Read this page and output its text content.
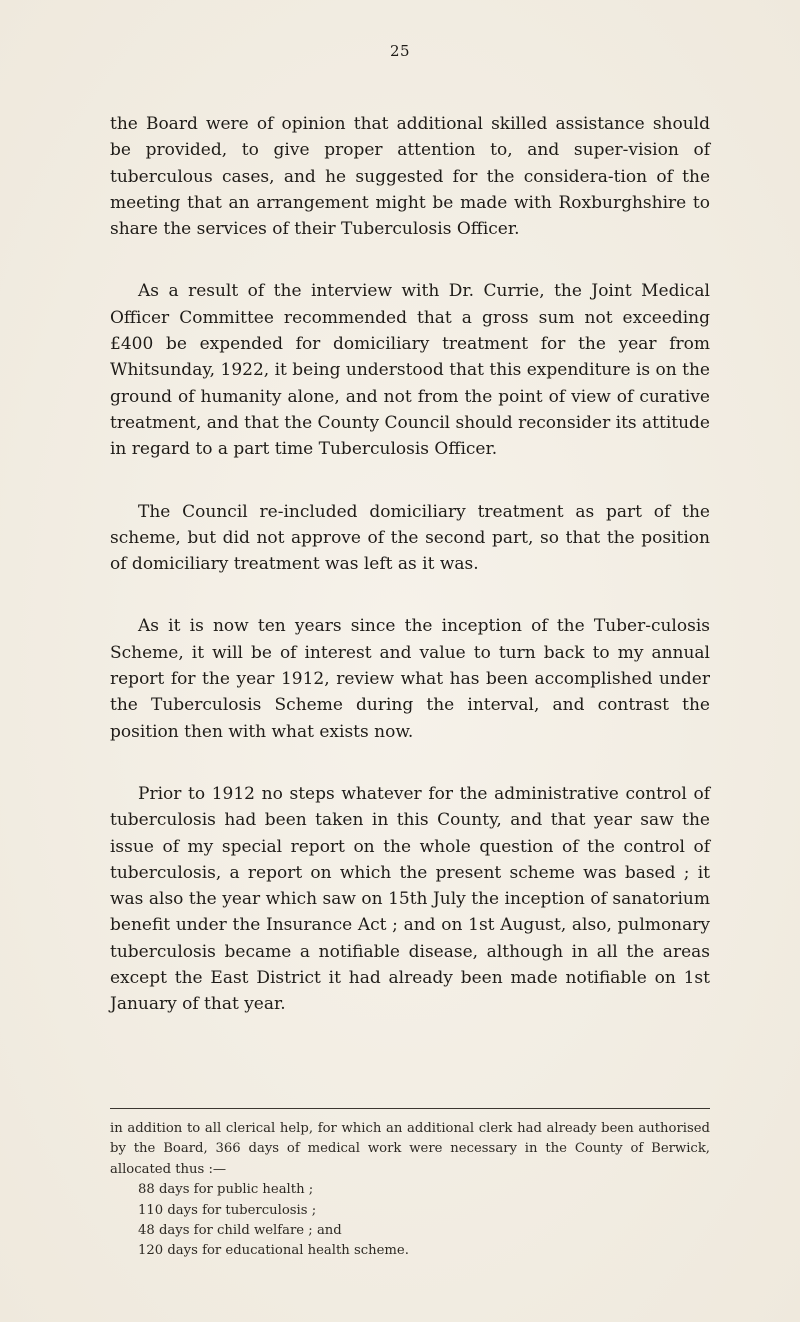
25

the Board were of opinion that additional skilled assistance should be provided, to give proper attention to, and super-vision of tuberculous cases, and he suggested for the considera-tion of the meeting that an arrangement might be made with Roxburghshire to share the services of their Tuberculosis Officer.

As a result of the interview with Dr. Currie, the Joint Medical Officer Committee recommended that a gross sum not exceeding £400 be expended for domiciliary treatment for the year from Whitsunday, 1922, it being understood that this expenditure is on the ground of humanity alone, and not from the point of view of curative treatment, and that the County Council should reconsider its attitude in regard to a part time Tuberculosis Officer.

The Council re-included domiciliary treatment as part of the scheme, but did not approve of the second part, so that the position of domiciliary treatment was left as it was.

As it is now ten years since the inception of the Tuber-culosis Scheme, it will be of interest and value to turn back to my annual report for the year 1912, review what has been accomplished under the Tuberculosis Scheme during the interval, and contrast the position then with what exists now.

Prior to 1912 no steps whatever for the administrative control of tuberculosis had been taken in this County, and that year saw the issue of my special report on the whole question of the control of tuberculosis, a report on which the present scheme was based ; it was also the year which saw on 15th July the inception of sanatorium benefit under the Insurance Act ; and on 1st August, also, pulmonary tuberculosis became a notifiable disease, although in all the areas except the East District it had already been made notifiable on 1st January of that year.

in addition to all clerical help, for which an additional clerk had already been authorised by the Board, 366 days of medical work were necessary in the County of Berwick, allocated thus :—

88 days for public health ;
110 days for tuberculosis ;
48 days for child welfare ; and
120 days for educational health scheme.
